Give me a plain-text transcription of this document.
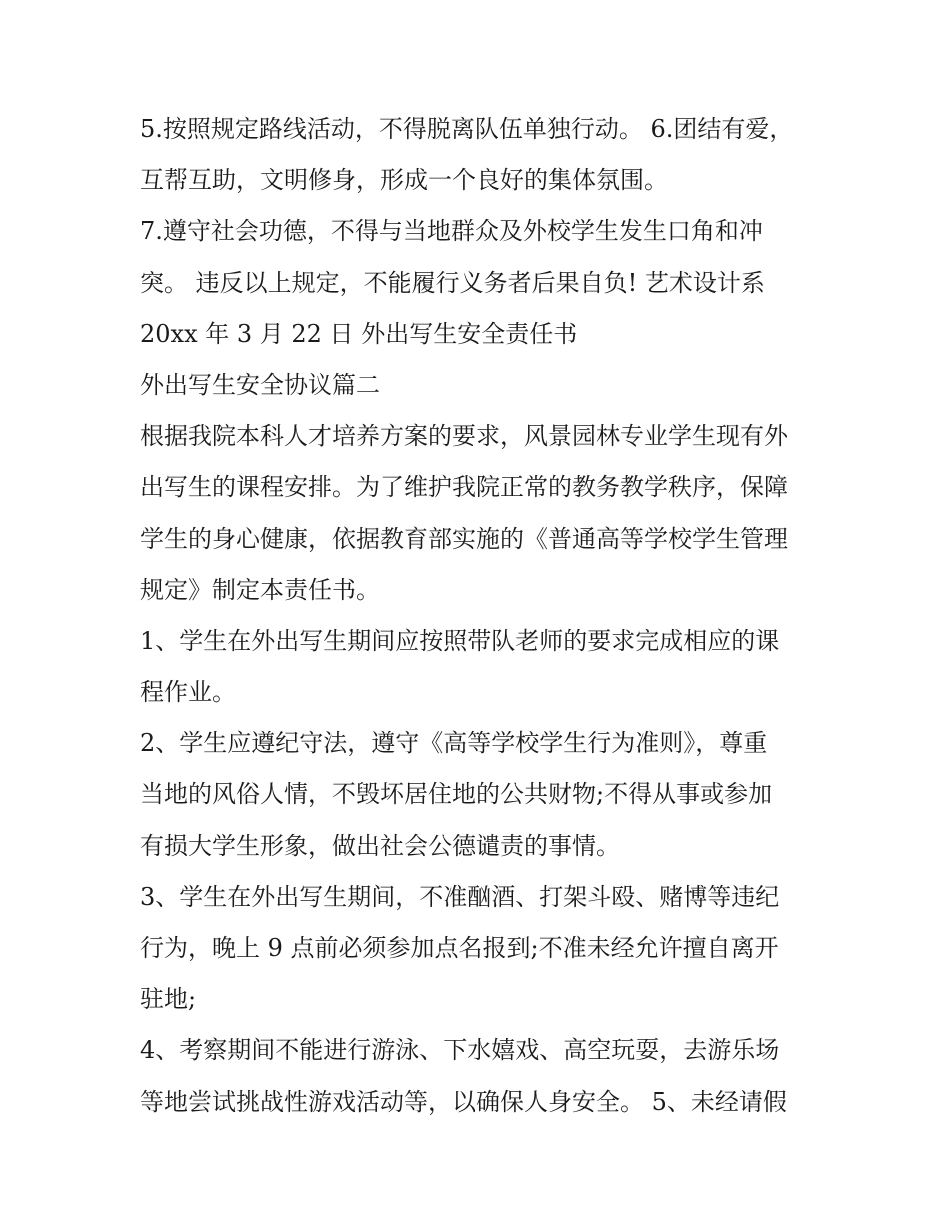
5.按照规定路线活动，不得脱离队伍单独行动。 6.团结有爱，

互帮互助，文明修身，形成一个良好的集体氛围。

7.遵守社会功德，不得与当地群众及外校学生发生口角和冲

突。 违反以上规定，不能履行义务者后果自负! 艺术设计系

20xx 年 3 月 22 日 外出写生安全责任书

外出写生安全协议篇二

根据我院本科人才培养方案的要求，风景园林专业学生现有外

出写生的课程安排。为了维护我院正常的教务教学秩序，保障

学生的身心健康，依据教育部实施的《普通高等学校学生管理

规定》制定本责任书。

1、学生在外出写生期间应按照带队老师的要求完成相应的课

程作业。

2、学生应遵纪守法，遵守《高等学校学生行为准则》，尊重

当地的风俗人情，不毁坏居住地的公共财物;不得从事或参加

有损大学生形象，做出社会公德谴责的事情。

3、学生在外出写生期间，不准酗酒、打架斗殴、赌博等违纪

行为，晚上 9 点前必须参加点名报到;不准未经允许擅自离开

驻地;

4、考察期间不能进行游泳、下水嬉戏、高空玩耍，去游乐场

等地尝试挑战性游戏活动等，以确保人身安全。 5、未经请假
